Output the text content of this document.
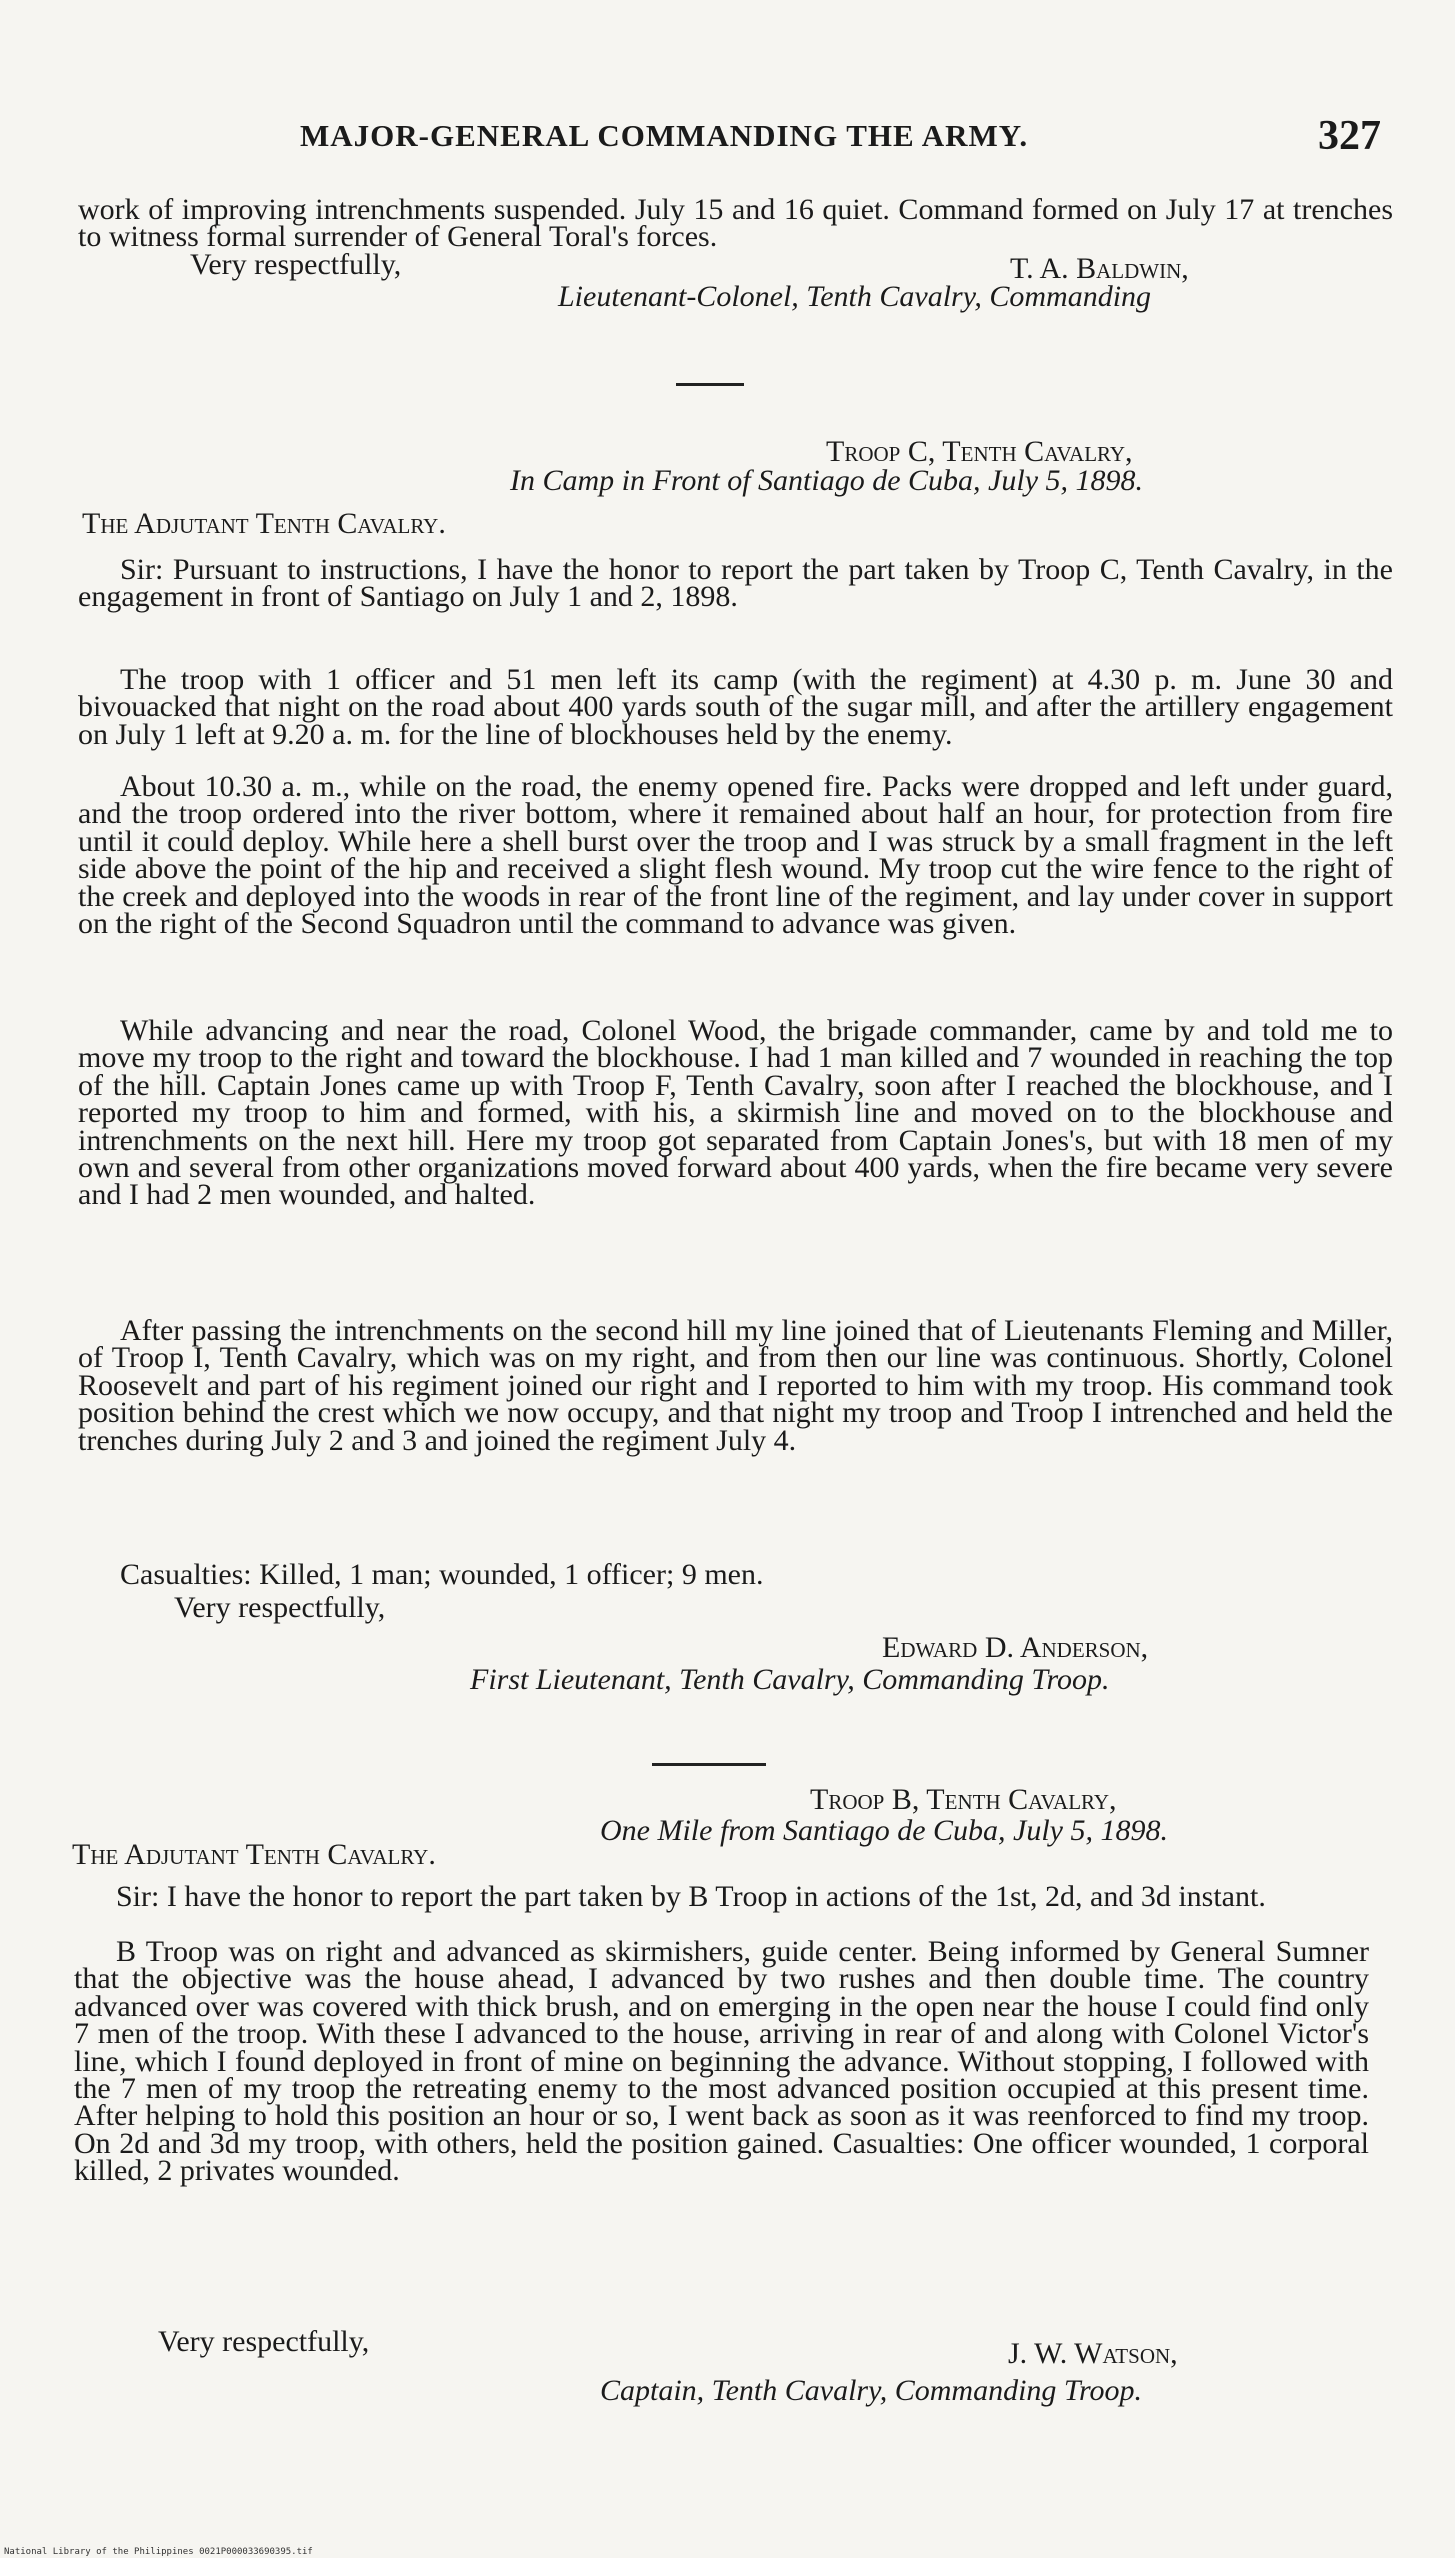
MAJOR-GENERAL COMMANDING THE ARMY.	327

work of improving intrenchments suspended. July 15 and 16 quiet. Command formed on July 17 at trenches to witness formal surrender of General Toral's forces.

Very respectfully,	T. A. Baldwin,
Lieutenant-Colonel, Tenth Cavalry, Commanding
Troop C, Tenth Cavalry,
In Camp in Front of Santiago de Cuba, July 5, 1898.
The Adjutant Tenth Cavalry.

Sir: Pursuant to instructions, I have the honor to report the part taken by Troop C, Tenth Cavalry, in the engagement in front of Santiago on July 1 and 2, 1898.

The troop with 1 officer and 51 men left its camp (with the regiment) at 4.30 p. m. June 30 and bivouacked that night on the road about 400 yards south of the sugar mill, and after the artillery engagement on July 1 left at 9.20 a. m. for the line of blockhouses held by the enemy.

About 10.30 a. m., while on the road, the enemy opened fire. Packs were dropped and left under guard, and the troop ordered into the river bottom, where it remained about half an hour, for protection from fire until it could deploy. While here a shell burst over the troop and I was struck by a small fragment in the left side above the point of the hip and received a slight flesh wound. My troop cut the wire fence to the right of the creek and deployed into the woods in rear of the front line of the regiment, and lay under cover in support on the right of the Second Squadron until the command to advance was given.

While advancing and near the road, Colonel Wood, the brigade commander, came by and told me to move my troop to the right and toward the blockhouse. I had 1 man killed and 7 wounded in reaching the top of the hill. Captain Jones came up with Troop F, Tenth Cavalry, soon after I reached the blockhouse, and I reported my troop to him and formed, with his, a skirmish line and moved on to the blockhouse and intrenchments on the next hill. Here my troop got separated from Captain Jones's, but with 18 men of my own and several from other organizations moved forward about 400 yards, when the fire became very severe and I had 2 men wounded, and halted.

After passing the intrenchments on the second hill my line joined that of Lieutenants Fleming and Miller, of Troop I, Tenth Cavalry, which was on my right, and from then our line was continuous. Shortly, Colonel Roosevelt and part of his regiment joined our right and I reported to him with my troop. His command took position behind the crest which we now occupy, and that night my troop and Troop I intrenched and held the trenches during July 2 and 3 and joined the regiment July 4.

Casualties: Killed, 1 man; wounded, 1 officer; 9 men.

Very respectfully,
Edward D. Anderson,
First Lieutenant, Tenth Cavalry, Commanding Troop.
Troop B, Tenth Cavalry,
One Mile from Santiago de Cuba, July 5, 1898.
The Adjutant Tenth Cavalry.

Sir: I have the honor to report the part taken by B Troop in actions of the 1st, 2d, and 3d instant.

B Troop was on right and advanced as skirmishers, guide center. Being informed by General Sumner that the objective was the house ahead, I advanced by two rushes and then double time. The country advanced over was covered with thick brush, and on emerging in the open near the house I could find only 7 men of the troop. With these I advanced to the house, arriving in rear of and along with Colonel Victor's line, which I found deployed in front of mine on beginning the advance. Without stopping, I followed with the 7 men of my troop the retreating enemy to the most advanced position occupied at this present time. After helping to hold this position an hour or so, I went back as soon as it was reenforced to find my troop. On 2d and 3d my troop, with others, held the position gained. Casualties: One officer wounded, 1 corporal killed, 2 privates wounded.

Very respectfully,	J. W. Watson,
Captain, Tenth Cavalry, Commanding Troop.
National Library of the Philippines 0021P000033690395.tif
